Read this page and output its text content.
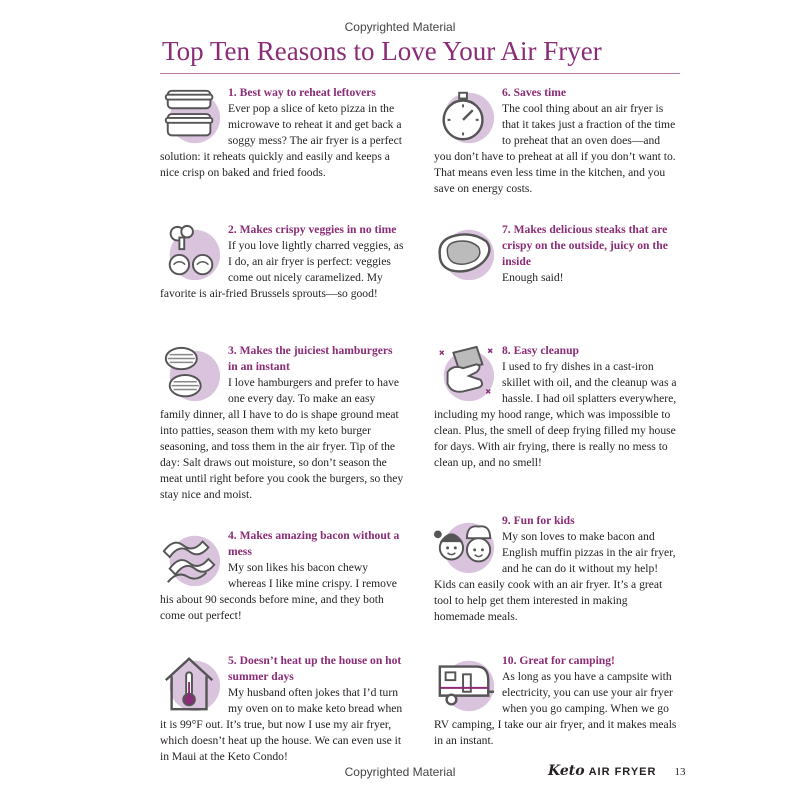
Copyrighted Material
Top Ten Reasons to Love Your Air Fryer

1. Best way to reheat leftovers
Ever pop a slice of keto pizza in the microwave to reheat it and get back a soggy mess? The air fryer is a perfect solution: it reheats quickly and easily and keeps a nice crisp on baked and fried foods.

2. Makes crispy veggies in no time
If you love lightly charred veggies, as I do, an air fryer is perfect: veggies come out nicely caramelized. My favorite is air-fried Brussels sprouts—so good!

3. Makes the juiciest hamburgers in an instant
I love hamburgers and prefer to have one every day. To make an easy family dinner, all I have to do is shape ground meat into patties, season them with my keto burger seasoning, and toss them in the air fryer. Tip of the day: Salt draws out moisture, so don’t season the meat until right before you cook the burgers, so they stay nice and moist.

4. Makes amazing bacon without a mess
My son likes his bacon chewy whereas I like mine crispy. I remove his about 90 seconds before mine, and they both come out perfect!

5. Doesn’t heat up the house on hot summer days
My husband often jokes that I’d turn my oven on to make keto bread when it is 99°F out. It’s true, but now I use my air fryer, which doesn’t heat up the house. We can even use it in Maui at the Keto Condo!

6. Saves time
The cool thing about an air fryer is that it takes just a fraction of the time to preheat that an oven does—and you don’t have to preheat at all if you don’t want to. That means even less time in the kitchen, and you save on energy costs.

7. Makes delicious steaks that are crispy on the outside, juicy on the inside
Enough said!

8. Easy cleanup
I used to fry dishes in a cast-iron skillet with oil, and the cleanup was a hassle. I had oil splatters everywhere, including my hood range, which was impossible to clean. Plus, the smell of deep frying filled my house for days. With air frying, there is really no mess to clean up, and no smell!

9. Fun for kids
My son loves to make bacon and English muffin pizzas in the air fryer, and he can do it without my help! Kids can easily cook with an air fryer. It’s a great tool to help get them interested in making homemade meals.

10. Great for camping!
As long as you have a campsite with electricity, you can use your air fryer when you go camping. When we go RV camping, I take our air fryer, and it makes meals in an instant.

Copyrighted Material	Keto AIR FRYER 13
